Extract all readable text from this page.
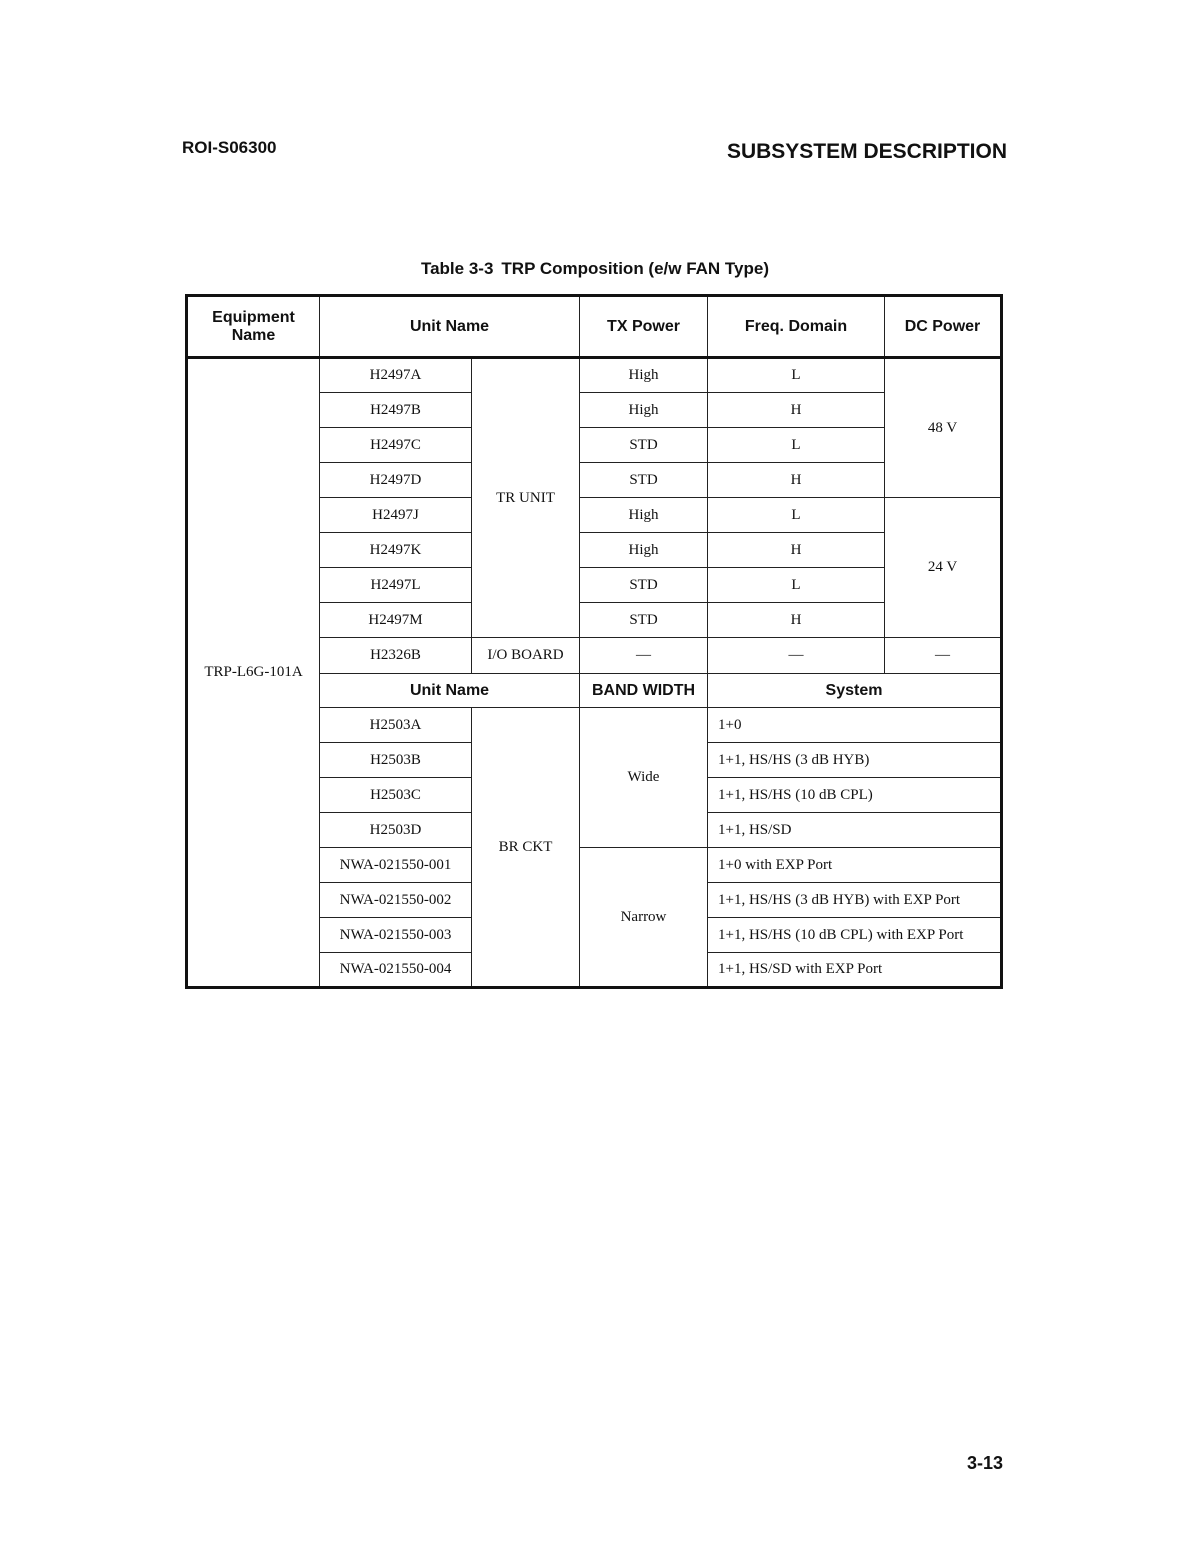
ROI-S06300	SUBSYSTEM DESCRIPTION
Table 3-3 TRP Composition (e/w FAN Type)
Equipment Name	Unit Name		TX Power	Freq. Domain	DC Power
TRP-L6G-101A	H2497A	TR UNIT	High	L	48 V
	H2497B		High	H	
	H2497C		STD	L	
	H2497D		STD	H	
	H2497J		High	L	24 V
	H2497K		High	H	
	H2497L		STD	L	
	H2497M		STD	H	
	H2326B	I/O BOARD	—	—	—
	Unit Name		BAND WIDTH	System	
	H2503A	BR CKT	Wide	1+0	
	H2503B			1+1, HS/HS (3 dB HYB)	
	H2503C			1+1, HS/HS (10 dB CPL)	
	H2503D			1+1, HS/SD	
	NWA-021550-001		Narrow	1+0 with EXP Port	
	NWA-021550-002			1+1, HS/HS (3 dB HYB) with EXP Port	
	NWA-021550-003			1+1, HS/HS (10 dB CPL) with EXP Port	
	NWA-021550-004			1+1, HS/SD with EXP Port	
3-13
